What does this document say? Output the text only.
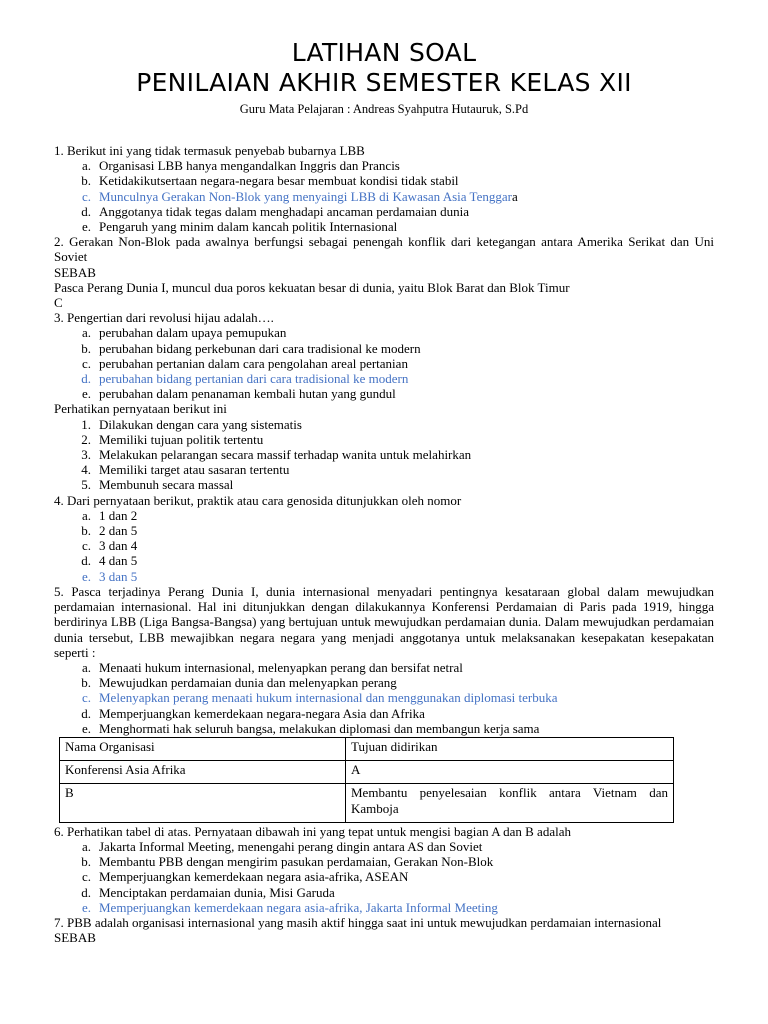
LATIHAN SOAL
PENILAIAN AKHIR SEMESTER KELAS XII
Guru Mata Pelajaran : Andreas Syahputra Hutauruk, S.Pd
1. Berikut ini yang tidak termasuk penyebab bubarnya LBB
a. Organisasi LBB hanya mengandalkan Inggris dan Prancis
b. Ketidakikutsertaan negara-negara besar membuat kondisi tidak stabil
c. Munculnya Gerakan Non-Blok yang menyaingi LBB di Kawasan Asia Tenggara
d. Anggotanya tidak tegas dalam menghadapi ancaman perdamaian dunia
e. Pengaruh yang minim dalam kancah politik Internasional
2. Gerakan Non-Blok pada awalnya berfungsi sebagai penengah konflik dari ketegangan antara Amerika Serikat dan Uni Soviet
SEBAB
Pasca Perang Dunia I, muncul dua poros kekuatan besar di dunia, yaitu Blok Barat dan Blok Timur
C
3. Pengertian dari revolusi hijau adalah….
a. perubahan dalam upaya pemupukan
b. perubahan bidang perkebunan dari cara tradisional ke modern
c. perubahan pertanian dalam cara pengolahan areal pertanian
d. perubahan bidang pertanian dari cara tradisional ke modern
e. perubahan dalam penanaman kembali hutan yang gundul
Perhatikan pernyataan berikut ini
1. Dilakukan dengan cara yang sistematis
2. Memiliki tujuan politik tertentu
3. Melakukan pelarangan secara massif terhadap wanita untuk melahirkan
4. Memiliki target atau sasaran tertentu
5. Membunuh secara massal
4. Dari pernyataan berikut, praktik atau cara genosida ditunjukkan oleh nomor
a. 1 dan 2
b. 2 dan 5
c. 3 dan 4
d. 4 dan 5
e. 3 dan 5
5. Pasca terjadinya Perang Dunia I, dunia internasional menyadari pentingnya kesataraan global dalam mewujudkan perdamaian internasional. Hal ini ditunjukkan dengan dilakukannya Konferensi Perdamaian di Paris pada 1919, hingga berdirinya LBB (Liga Bangsa-Bangsa) yang bertujuan untuk mewujudkan perdamaian dunia. Dalam mewujudkan perdamaian dunia tersebut, LBB mewajibkan negara negara yang menjadi anggotanya untuk melaksanakan kesepakatan kesepakatan seperti :
a. Menaati hukum internasional, melenyapkan perang dan bersifat netral
b. Mewujudkan perdamaian dunia dan melenyapkan perang
c. Melenyapkan perang menaati hukum internasional dan menggunakan diplomasi terbuka
d. Memperjuangkan kemerdekaan negara-negara Asia dan Afrika
e. Menghormati hak seluruh bangsa, melakukan diplomasi dan membangun kerja sama
Nama Organisasi	Tujuan didirikan
Konferensi Asia Afrika	A
B	Membantu penyelesaian konflik antara Vietnam dan Kamboja
6. Perhatikan tabel di atas. Pernyataan dibawah ini yang tepat untuk mengisi bagian A dan B adalah
a. Jakarta Informal Meeting, menengahi perang dingin antara AS dan Soviet
b. Membantu PBB dengan mengirim pasukan perdamaian, Gerakan Non-Blok
c. Memperjuangkan kemerdekaan negara asia-afrika, ASEAN
d. Menciptakan perdamaian dunia, Misi Garuda
e. Memperjuangkan kemerdekaan negara asia-afrika, Jakarta Informal Meeting
7. PBB adalah organisasi internasional yang masih aktif hingga saat ini untuk mewujudkan perdamaian internasional
SEBAB
